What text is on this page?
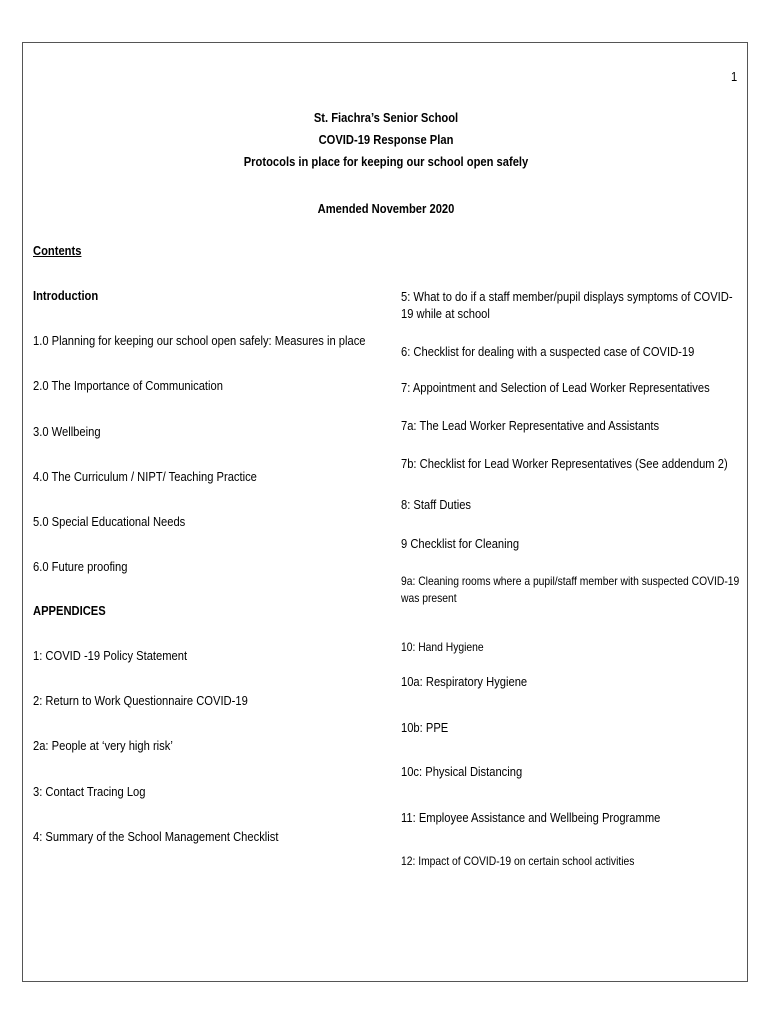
1
St. Fiachra’s Senior School
COVID-19 Response Plan
Protocols in place for keeping our school open safely
Amended November 2020
Contents
Introduction
1.0 Planning for keeping our school open safely: Measures in place
2.0 The Importance of Communication
3.0 Wellbeing
4.0 The Curriculum / NIPT/ Teaching Practice
5.0 Special Educational Needs
6.0 Future proofing
APPENDICES
1: COVID -19 Policy Statement
2: Return to Work Questionnaire COVID-19
2a: People at ‘very high risk’
3: Contact Tracing Log
4: Summary of the School Management Checklist
5: What to do if a staff member/pupil displays symptoms of COVID-19 while at school
6: Checklist for dealing with a suspected case of COVID-19
7: Appointment and Selection of Lead Worker Representatives
7a: The Lead Worker Representative and Assistants
7b: Checklist for Lead Worker Representatives (See addendum 2)
8: Staff Duties
9 Checklist for Cleaning
9a: Cleaning rooms where a pupil/staff member with suspected COVID-19 was present
10: Hand Hygiene
10a: Respiratory Hygiene
10b: PPE
10c: Physical Distancing
11: Employee Assistance and Wellbeing Programme
12: Impact of COVID-19 on certain school activities
